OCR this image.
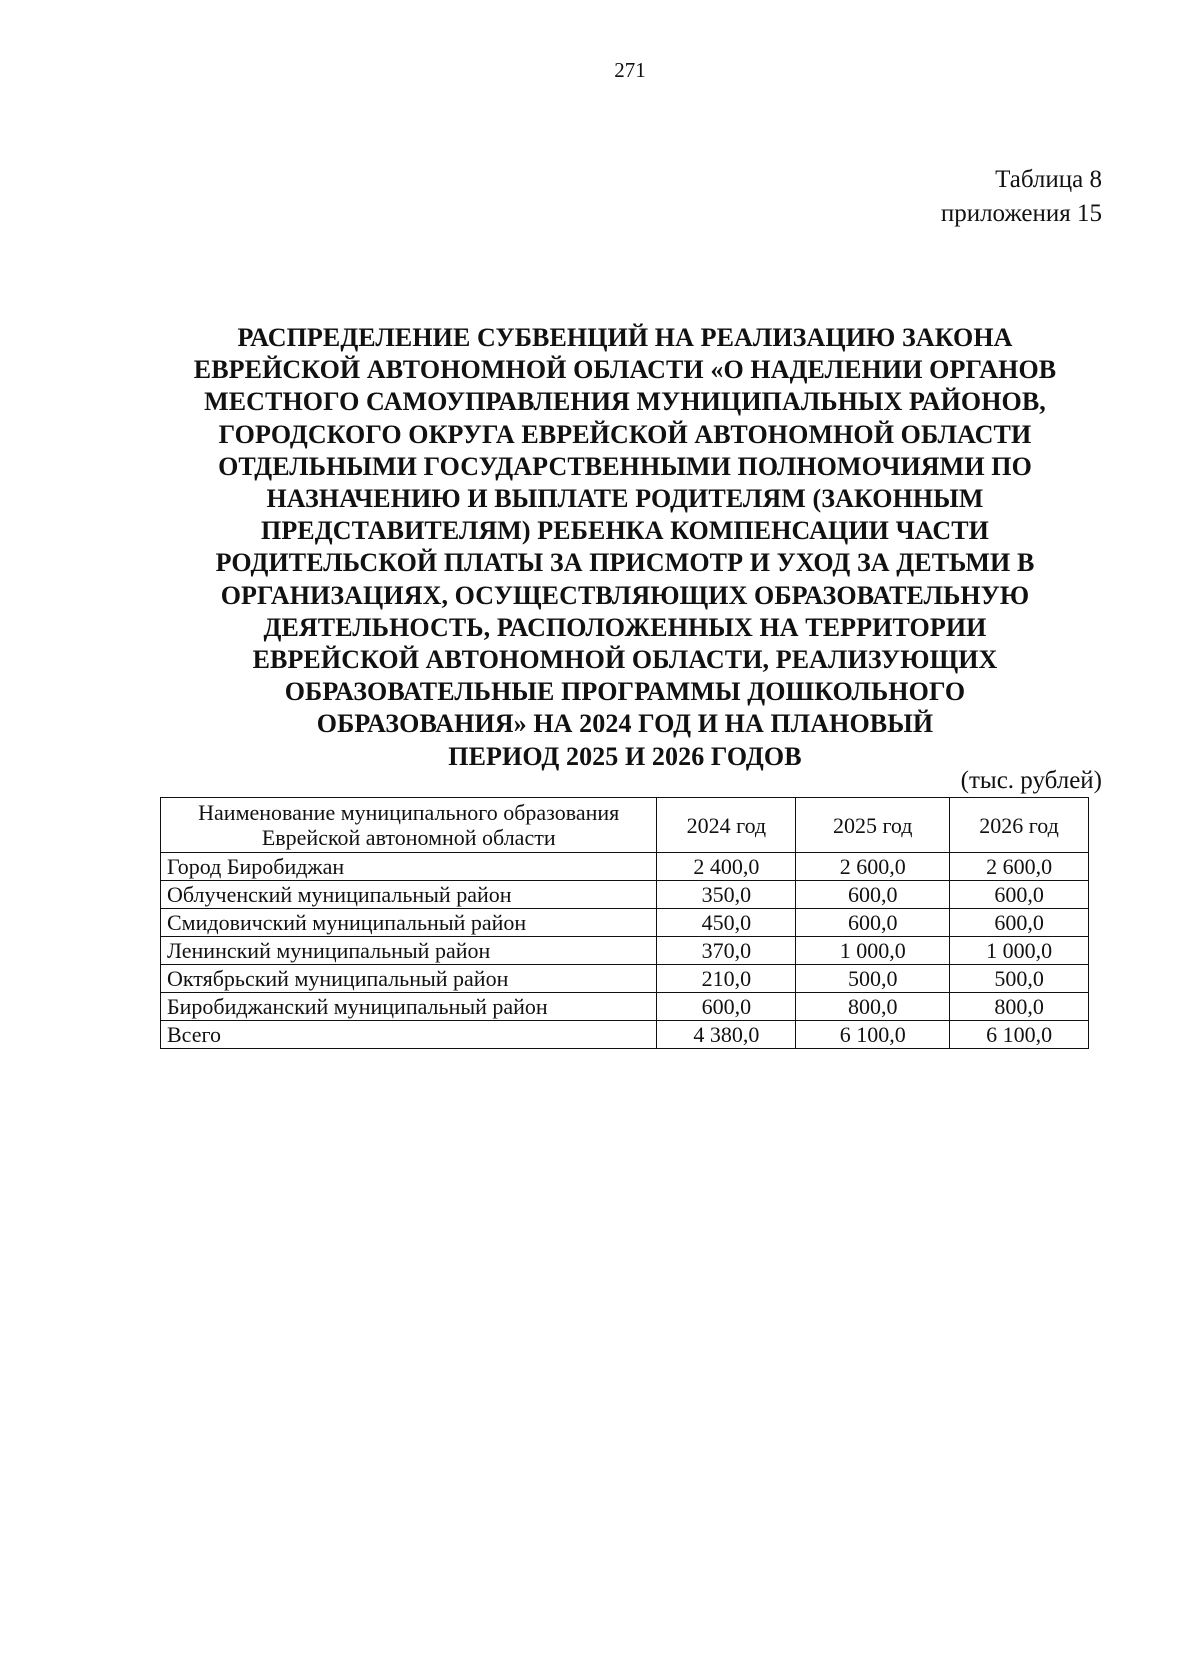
271
Таблица 8
приложения 15
РАСПРЕДЕЛЕНИЕ СУБВЕНЦИЙ НА РЕАЛИЗАЦИЮ ЗАКОНА
ЕВРЕЙСКОЙ АВТОНОМНОЙ ОБЛАСТИ «О НАДЕЛЕНИИ ОРГАНОВ
МЕСТНОГО САМОУПРАВЛЕНИЯ МУНИЦИПАЛЬНЫХ РАЙОНОВ,
ГОРОДСКОГО ОКРУГА ЕВРЕЙСКОЙ АВТОНОМНОЙ ОБЛАСТИ
ОТДЕЛЬНЫМИ ГОСУДАРСТВЕННЫМИ ПОЛНОМОЧИЯМИ ПО
НАЗНАЧЕНИЮ И ВЫПЛАТЕ РОДИТЕЛЯМ (ЗАКОННЫМ
ПРЕДСТАВИТЕЛЯМ) РЕБЕНКА КОМПЕНСАЦИИ ЧАСТИ
РОДИТЕЛЬСКОЙ ПЛАТЫ ЗА ПРИСМОТР И УХОД ЗА ДЕТЬМИ В
ОРГАНИЗАЦИЯХ, ОСУЩЕСТВЛЯЮЩИХ ОБРАЗОВАТЕЛЬНУЮ
ДЕЯТЕЛЬНОСТЬ, РАСПОЛОЖЕННЫХ НА ТЕРРИТОРИИ
ЕВРЕЙСКОЙ АВТОНОМНОЙ ОБЛАСТИ, РЕАЛИЗУЮЩИХ
ОБРАЗОВАТЕЛЬНЫЕ ПРОГРАММЫ ДОШКОЛЬНОГО
ОБРАЗОВАНИЯ» НА 2024 ГОД И НА ПЛАНОВЫЙ
ПЕРИОД 2025 И 2026 ГОДОВ
(тыс. рублей)
Наименование муниципального образования
Еврейской автономной области	2024 год	2025 год	2026 год
Город Биробиджан	2 400,0	2 600,0	2 600,0
Облученский муниципальный район	350,0	600,0	600,0
Смидовичский муниципальный район	450,0	600,0	600,0
Ленинский муниципальный район	370,0	1 000,0	1 000,0
Октябрьский муниципальный район	210,0	500,0	500,0
Биробиджанский муниципальный район	600,0	800,0	800,0
Всего	4 380,0	6 100,0	6 100,0
